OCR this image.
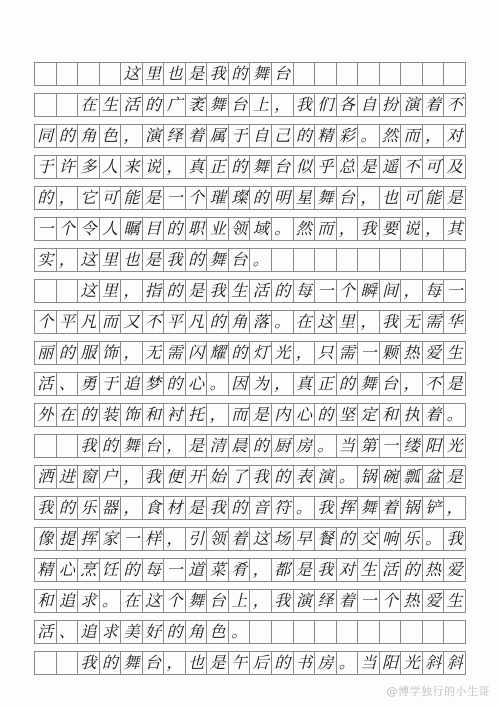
这 里 也 是 我 的 舞 台
在 生 活 的 广 袤 舞 台 上 ， 我 们 各 自 扮 演 着 不
同 的 角 色 ， 演 绎 着 属 于 自 己 的 精 彩 。 然 而 ， 对
于 许 多 人 来 说 ， 真 正 的 舞 台 似 乎 总 是 遥 不 可 及
的 ， 它 可 能 是 一 个 璀 璨 的 明 星 舞 台 ， 也 可 能 是
一 个 令 人 瞩 目 的 职 业 领 域 。 然 而 ， 我 要 说 ， 其
实 ， 这 里 也 是 我 的 舞 台 。
这 里 ， 指 的 是 我 生 活 的 每 一 个 瞬 间 ， 每 一
个 平 凡 而 又 不 平 凡 的 角 落 。 在 这 里 ， 我 无 需 华
丽 的 服 饰 ， 无 需 闪 耀 的 灯 光 ， 只 需 一 颗 热 爱 生
活 、 勇 于 追 梦 的 心 。 因 为 ， 真 正 的 舞 台 ， 不 是
外 在 的 装 饰 和 衬 托 ， 而 是 内 心 的 坚 定 和 执 着 。
我 的 舞 台 ， 是 清 晨 的 厨 房 。 当 第 一 缕 阳 光
洒 进 窗 户 ， 我 便 开 始 了 我 的 表 演 。 锅 碗 瓢 盆 是
我 的 乐 器 ， 食 材 是 我 的 音 符 。 我 挥 舞 着 锅 铲 ，
像 提 挥 家 一 样 ， 引 领 着 这 场 早 餐 的 交 响 乐 。 我
精 心 烹 饪 的 每 一 道 菜 肴 ， 都 是 我 对 生 活 的 热 爱
和 追 求 。 在 这 个 舞 台 上 ， 我 演 绎 着 一 个 热 爱 生
活 、 追 求 美 好 的 角 色 。
我 的 舞 台 ， 也 是 午 后 的 书 房 。 当 阳 光 斜 斜
@博学独行的小生哥
